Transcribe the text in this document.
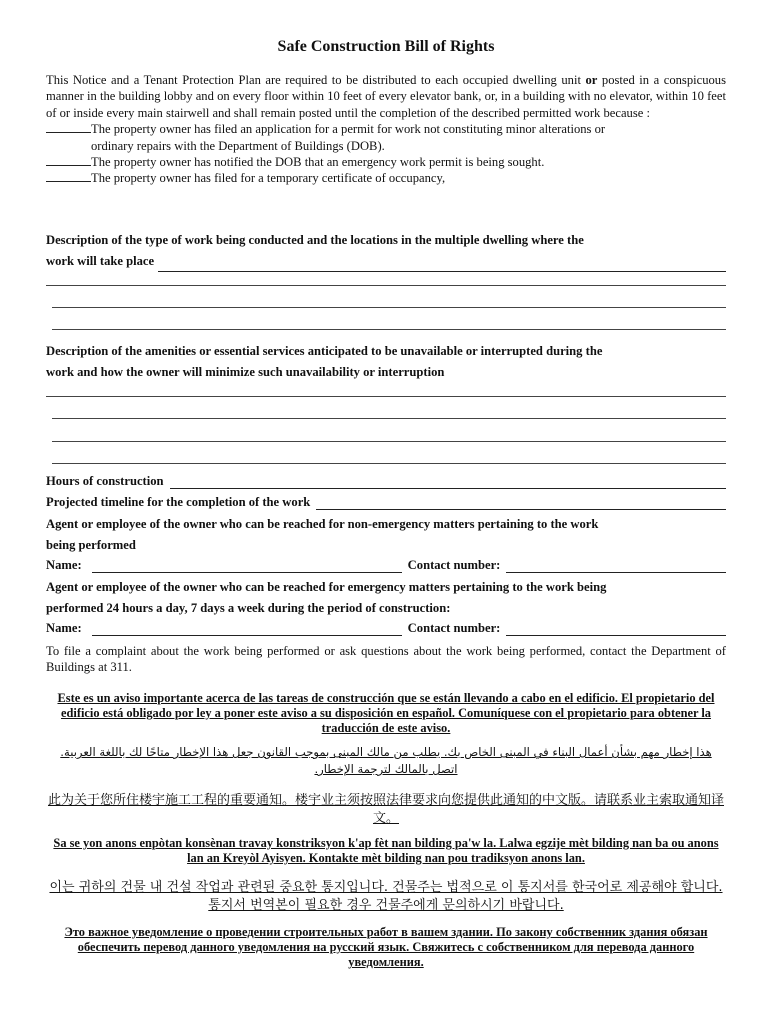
Safe Construction Bill of Rights
This Notice and a Tenant Protection Plan are required to be distributed to each occupied dwelling unit or posted in a conspicuous manner in the building lobby and on every floor within 10 feet of every elevator bank, or, in a building with no elevator, within 10 feet of or inside every main stairwell and shall remain posted until the completion of the described permitted work because :
The property owner has filed an application for a permit for work not constituting minor alterations or
ordinary repairs with the Department of Buildings (DOB).
The property owner has notified the DOB that an emergency work permit is being sought.
The property owner has filed for a temporary certificate of occupancy,
Description of the type of work being conducted and the locations in the multiple dwelling where the
work will take place
Description of the amenities or essential services anticipated to be unavailable or interrupted during the
work and how the owner will minimize such unavailability or interruption
Hours of construction
Projected timeline for the completion of the work
Agent or employee of the owner who can be reached for non-emergency matters pertaining to the work
being performed
Name:	Contact number:
Agent or employee of the owner who can be reached for emergency matters pertaining to the work being
performed 24 hours a day, 7 days a week during the period of construction:
Name:	Contact number:
To file a complaint about the work being performed or ask questions about the work being performed, contact the Department of Buildings at 311.
Este es un aviso importante acerca de las tareas de construcción que se están llevando a cabo en el edificio. El propietario del edificio está obligado por ley a poner este aviso a su disposición en español. Comuníquese con el propietario para obtener la traducción de este aviso.
هذا إخطار مهم بشأن أعمال البناء في المبنى الخاص بك. يطلب من مالك المبنى بموجب القانون جعل هذا الإخطار متاحًا لك باللغة العربية. اتصل بالمالك لترجمة الإخطار.
此为关于您所住楼宇施工工程的重要通知。楼宇业主须按照法律要求向您提供此通知的中文版。请联系业主索取通知译文。
Sa se yon anons enpòtan konsènan travay konstriksyon k'ap fèt nan bilding pa'w la. Lalwa egzije mèt bilding nan ba ou anons lan an Kreyòl Ayisyen. Kontakte mèt bilding nan pou tradiksyon anons lan.
이는 귀하의 건물 내 건설 작업과 관련된 중요한 통지입니다. 건물주는 법적으로 이 통지서를 한국어로 제공해야 합니다. 통지서 번역본이 필요한 경우 건물주에게 문의하시기 바랍니다.
Это важное уведомление о проведении строительных работ в вашем здании. По закону собственник здания обязан обеспечить перевод данного уведомления на русский язык. Свяжитесь с собственником для перевода данного уведомления.
